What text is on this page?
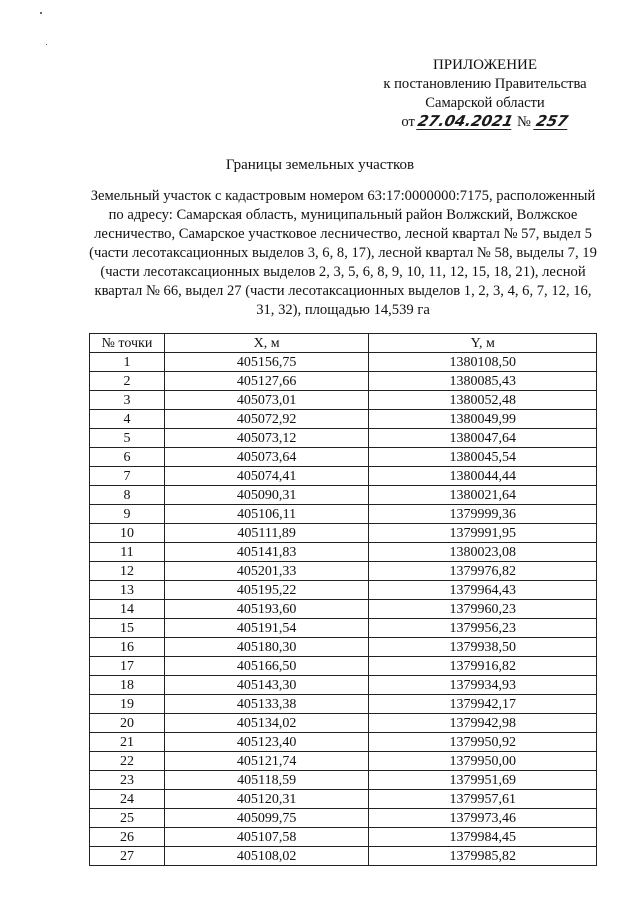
ПРИЛОЖЕНИЕ
к постановлению Правительства
Самарской области
от 27.04.2021 № 257
Границы земельных участков
Земельный участок с кадастровым номером 63:17:0000000:7175, расположенный по адресу: Самарская область, муниципальный район Волжский, Волжское лесничество, Самарское участковое лесничество, лесной квартал № 57, выдел 5 (части лесотаксационных выделов 3, 6, 8, 17), лесной квартал № 58, выделы 7, 19 (части лесотаксационных выделов 2, 3, 5, 6, 8, 9, 10, 11, 12, 15, 18, 21), лесной квартал № 66, выдел 27 (части лесотаксационных выделов 1, 2, 3, 4, 6, 7, 12, 16, 31, 32), площадью 14,539 га
№ точки	X, м	Y, м
1	405156,75	1380108,50
2	405127,66	1380085,43
3	405073,01	1380052,48
4	405072,92	1380049,99
5	405073,12	1380047,64
6	405073,64	1380045,54
7	405074,41	1380044,44
8	405090,31	1380021,64
9	405106,11	1379999,36
10	405111,89	1379991,95
11	405141,83	1380023,08
12	405201,33	1379976,82
13	405195,22	1379964,43
14	405193,60	1379960,23
15	405191,54	1379956,23
16	405180,30	1379938,50
17	405166,50	1379916,82
18	405143,30	1379934,93
19	405133,38	1379942,17
20	405134,02	1379942,98
21	405123,40	1379950,92
22	405121,74	1379950,00
23	405118,59	1379951,69
24	405120,31	1379957,61
25	405099,75	1379973,46
26	405107,58	1379984,45
27	405108,02	1379985,82
